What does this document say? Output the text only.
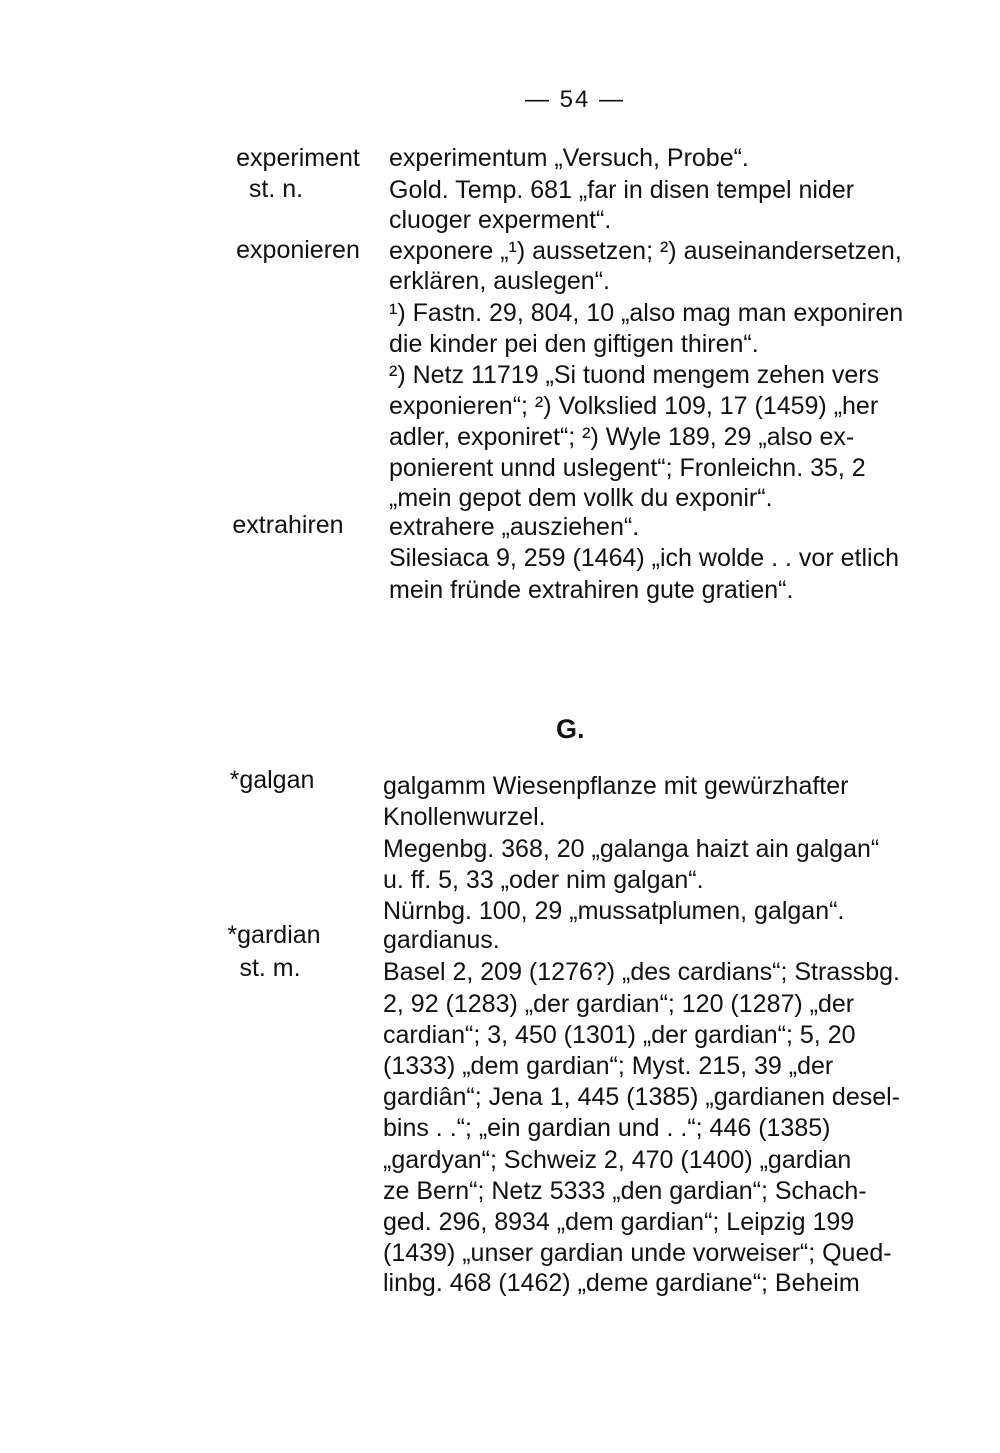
— 54 —
experiment
st. n.
exponieren
extrahiren
*galgan
*gardian
st. m.
experimentum „Versuch, Probe“.
Gold. Temp. 681 „far in disen tempel nider
cluoger experment“.
exponere „¹) aussetzen; ²) auseinandersetzen,
erklären, auslegen“.
¹) Fastn. 29, 804, 10 „also mag man exponiren
die kinder pei den giftigen thiren“.
²) Netz 11719 „Si tuond mengem zehen vers
exponieren“; ²) Volkslied 109, 17 (1459) „her
adler, exponiret“; ²) Wyle 189, 29 „also ex-
ponierent unnd uslegent“; Fronleichn. 35, 2
„mein gepot dem vollk du exponir“.
extrahere „ausziehen“.
Silesiaca 9, 259 (1464) „ich wolde . . vor etlich
mein fründe extrahiren gute gratien“.
G.
galgamm Wiesenpflanze mit gewürzhafter
Knollenwurzel.
Megenbg. 368, 20 „galanga haizt ain galgan“
u. ff. 5, 33 „oder nim galgan“.
Nürnbg. 100, 29 „mussatplumen, galgan“.
gardianus.
Basel 2, 209 (1276?) „des cardians“; Strassbg.
2, 92 (1283) „der gardian“; 120 (1287) „der
cardian“; 3, 450 (1301) „der gardian“; 5, 20
(1333) „dem gardian“; Myst. 215, 39 „der
gardiân“; Jena 1, 445 (1385) „gardianen desel-
bins . .“; „ein gardian und . .“; 446 (1385)
„gardyan“; Schweiz 2, 470 (1400) „gardian
ze Bern“; Netz 5333 „den gardian“; Schach-
ged. 296, 8934 „dem gardian“; Leipzig 199
(1439) „unser gardian unde vorweiser“; Qued-
linbg. 468 (1462) „deme gardiane“; Beheim
